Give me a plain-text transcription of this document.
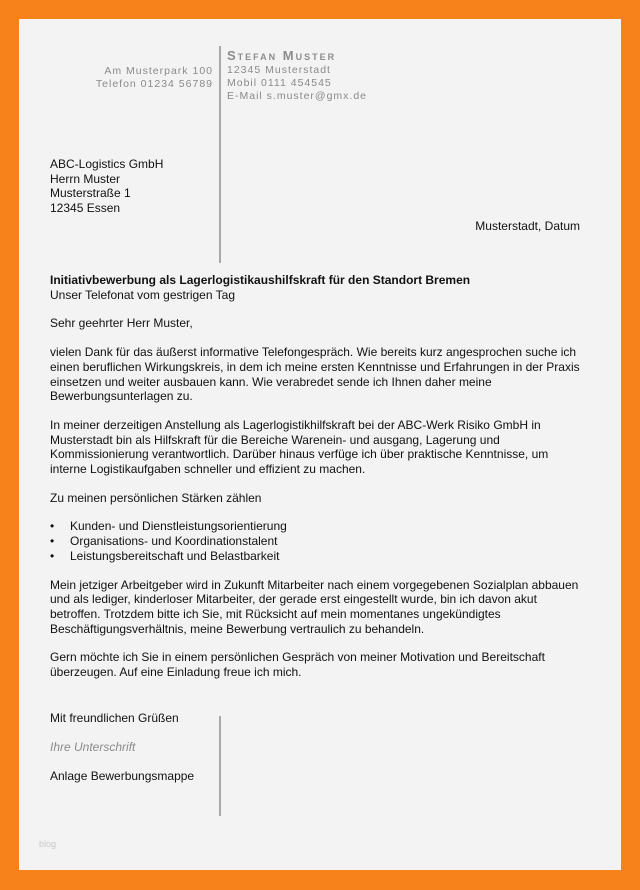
Am Musterpark 100
Telefon 01234 56789
Stefan Muster
12345 Musterstadt
Mobil 0111 454545
E-Mail s.muster@gmx.de
ABC-Logistics GmbH
Herrn Muster
Musterstraße 1
12345 Essen
Musterstadt, Datum

Initiativbewerbung als Lagerlogistikaushilfskraft für den Standort Bremen

Unser Telefonat vom gestrigen Tag

Sehr geehrter Herr Muster,

vielen Dank für das äußerst informative Telefongespräch. Wie bereits kurz angesprochen suche ich einen beruflichen Wirkungskreis, in dem ich meine ersten Kenntnisse und Erfahrungen in der Praxis einsetzen und weiter ausbauen kann. Wie verabredet sende ich Ihnen daher meine Bewerbungsunterlagen zu.

In meiner derzeitigen Anstellung als Lagerlogistikhilfskraft bei der ABC-Werk Risiko GmbH in Musterstadt bin als Hilfskraft für die Bereiche Warenein- und ausgang, Lagerung und Kommissionierung verantwortlich. Darüber hinaus verfüge ich über praktische Kenntnisse, um interne Logistikaufgaben schneller und effizient zu machen.

Zu meinen persönlichen Stärken zählen

• Kunden- und Dienstleistungsorientierung
• Organisations- und Koordinationstalent
• Leistungsbereitschaft und Belastbarkeit

Mein jetziger Arbeitgeber wird in Zukunft Mitarbeiter nach einem vorgegebenen Sozialplan abbauen und als lediger, kinderloser Mitarbeiter, der gerade erst eingestellt wurde, bin ich davon akut betroffen. Trotzdem bitte ich Sie, mit Rücksicht auf mein momentanes ungekündigtes Beschäftigungsverhältnis, meine Bewerbung vertraulich zu behandeln.

Gern möchte ich Sie in einem persönlichen Gespräch von meiner Motivation und Bereitschaft überzeugen. Auf eine Einladung freue ich mich.

Mit freundlichen Grüßen
Ihre Unterschrift
Anlage Bewerbungsmappe
blog
